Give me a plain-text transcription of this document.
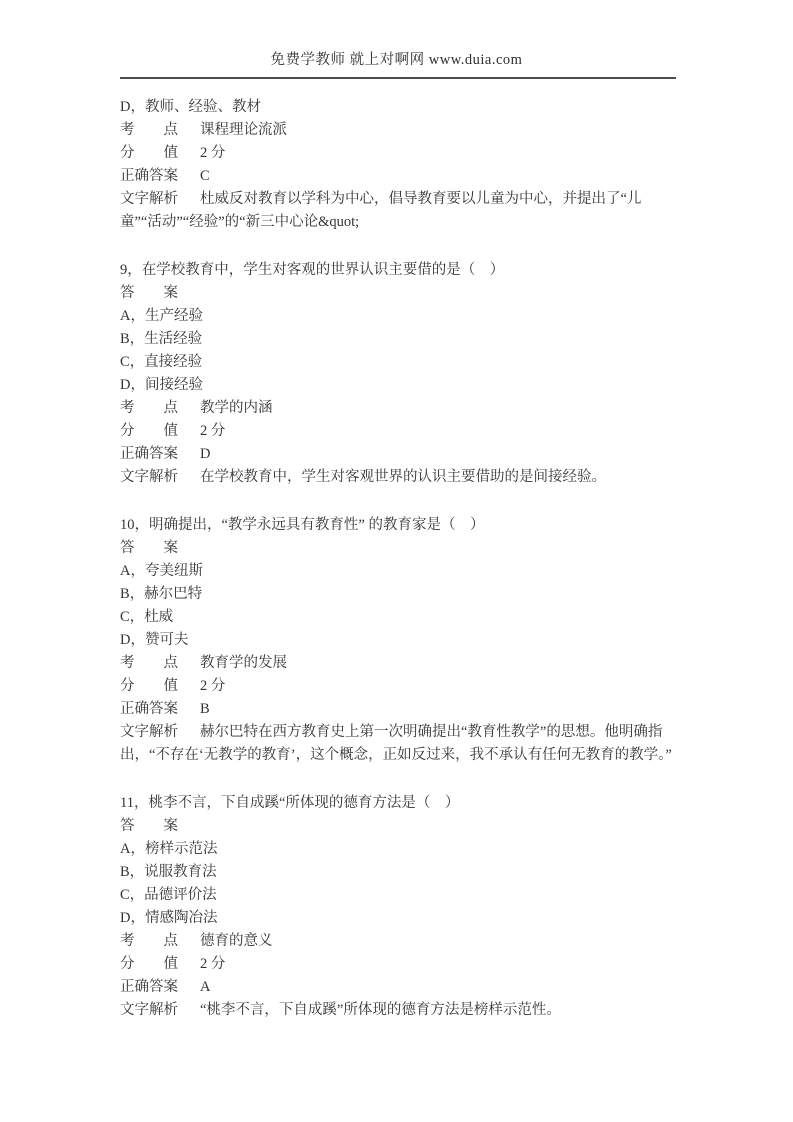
免费学教师 就上对啊网 www.duia.com

D，教师、经验、教材

考　　点 课程理论流派

分　　值 2 分

正确答案 C

文字解析 杜威反对教育以学科为中心，倡导教育要以儿童为中心，并提出了“儿童”“活动”“经验”的“新三中心论&quot;

9，在学校教育中，学生对客观的世界认识主要借的是（　）

答　　案

A，生产经验

B，生活经验

C，直接经验

D，间接经验

考　　点 教学的内涵

分　　值 2 分

正确答案 D

文字解析 在学校教育中，学生对客观世界的认识主要借助的是间接经验。

10，明确提出，“教学永远具有教育性” 的教育家是（　）

答　　案

A，夸美纽斯

B，赫尔巴特

C，杜威

D，赞可夫

考　　点 教育学的发展

分　　值 2 分

正确答案 B

文字解析 赫尔巴特在西方教育史上第一次明确提出“教育性教学”的思想。他明确指出，“不存在‘无教学的教育’，这个概念，正如反过来，我不承认有任何无教育的教学。”

11，桃李不言，下自成蹊“所体现的德育方法是（　）

答　　案

A，榜样示范法

B，说服教育法

C，品德评价法

D，情感陶冶法

考　　点 德育的意义

分　　值 2 分

正确答案 A

文字解析 “桃李不言，下自成蹊”所体现的德育方法是榜样示范性。
